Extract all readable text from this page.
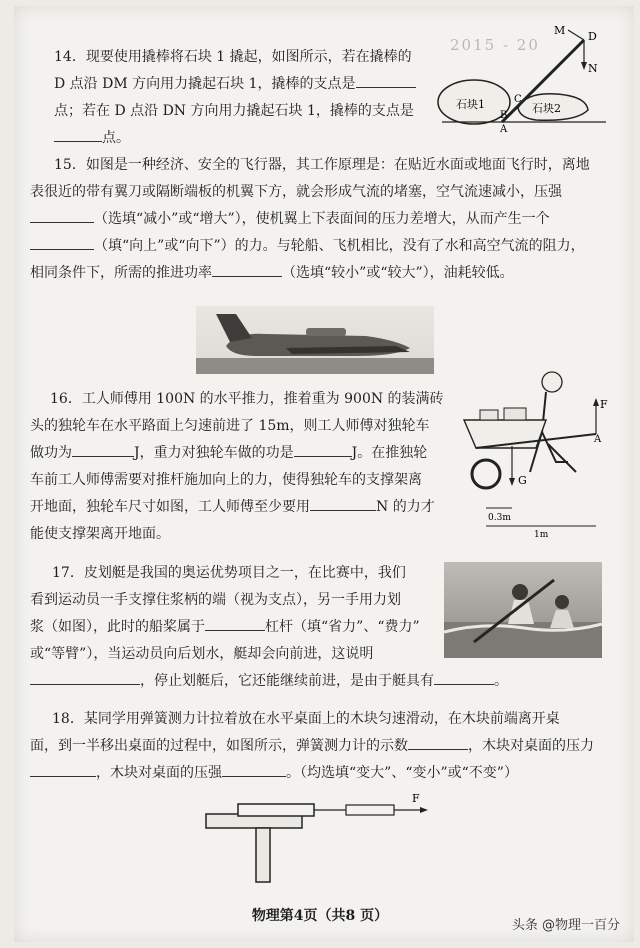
2015 - 20

14．现要使用撬棒将石块 1 撬起，如图所示，若在撬棒的

D 点沿 DM 方向用力撬起石块 1，撬棒的支点是

点；若在 D 点沿 DN 方向用力撬起石块 1，撬棒的支点是

点。

M D
N
B
C
A
石块1	石块2

15．如图是一种经济、安全的飞行器，其工作原理是：在贴近水面或地面飞行时，离地

表很近的带有翼刀或隔断端板的机翼下方，就会形成气流的堵塞，空气流速减小，压强

（选填“减小”或“增大”），使机翼上下表面间的压力差增大，从而产生一个

（填“向上”或“向下”）的力。与轮船、飞机相比，没有了水和高空气流的阻力，

相同条件下，所需的推进功率	（选填“较小”或“较大”），油耗较低。

16．工人师傅用 100N 的水平推力，推着重为 900N 的装满砖

头的独轮车在水平路面上匀速前进了 15m，则工人师傅对独轮车

做功为	J，重力对独轮车做的功是	J。在推独轮

车前工人师傅需要对推杆施加向上的力，使得独轮车的支撑架离

开地面，独轮车尺寸如图，工人师傅至少要用	N 的力才

能使支撑架离开地面。

F
A
G
0.3m
1m

17．皮划艇是我国的奥运优势项目之一，在比赛中，我们

看到运动员一手支撑住浆柄的端（视为支点），另一手用力划

浆（如图），此时的船桨属于	杠杆（填“省力”、“费力”

或“等臂”），当运动员向后划水，艇却会向前进，这说明

，停止划艇后，它还能继续前进，是由于艇具有	。

18．某同学用弹簧测力计拉着放在水平桌面上的木块匀速滑动，在木块前端离开桌

面，到一半移出桌面的过程中，如图所示，弹簧测力计的示数	，木块对桌面的压力

，木块对桌面的压强	。（均选填“变大”、“变小”或“不变”）

F
物理第4页（共8 页）
头条 @物理一百分
